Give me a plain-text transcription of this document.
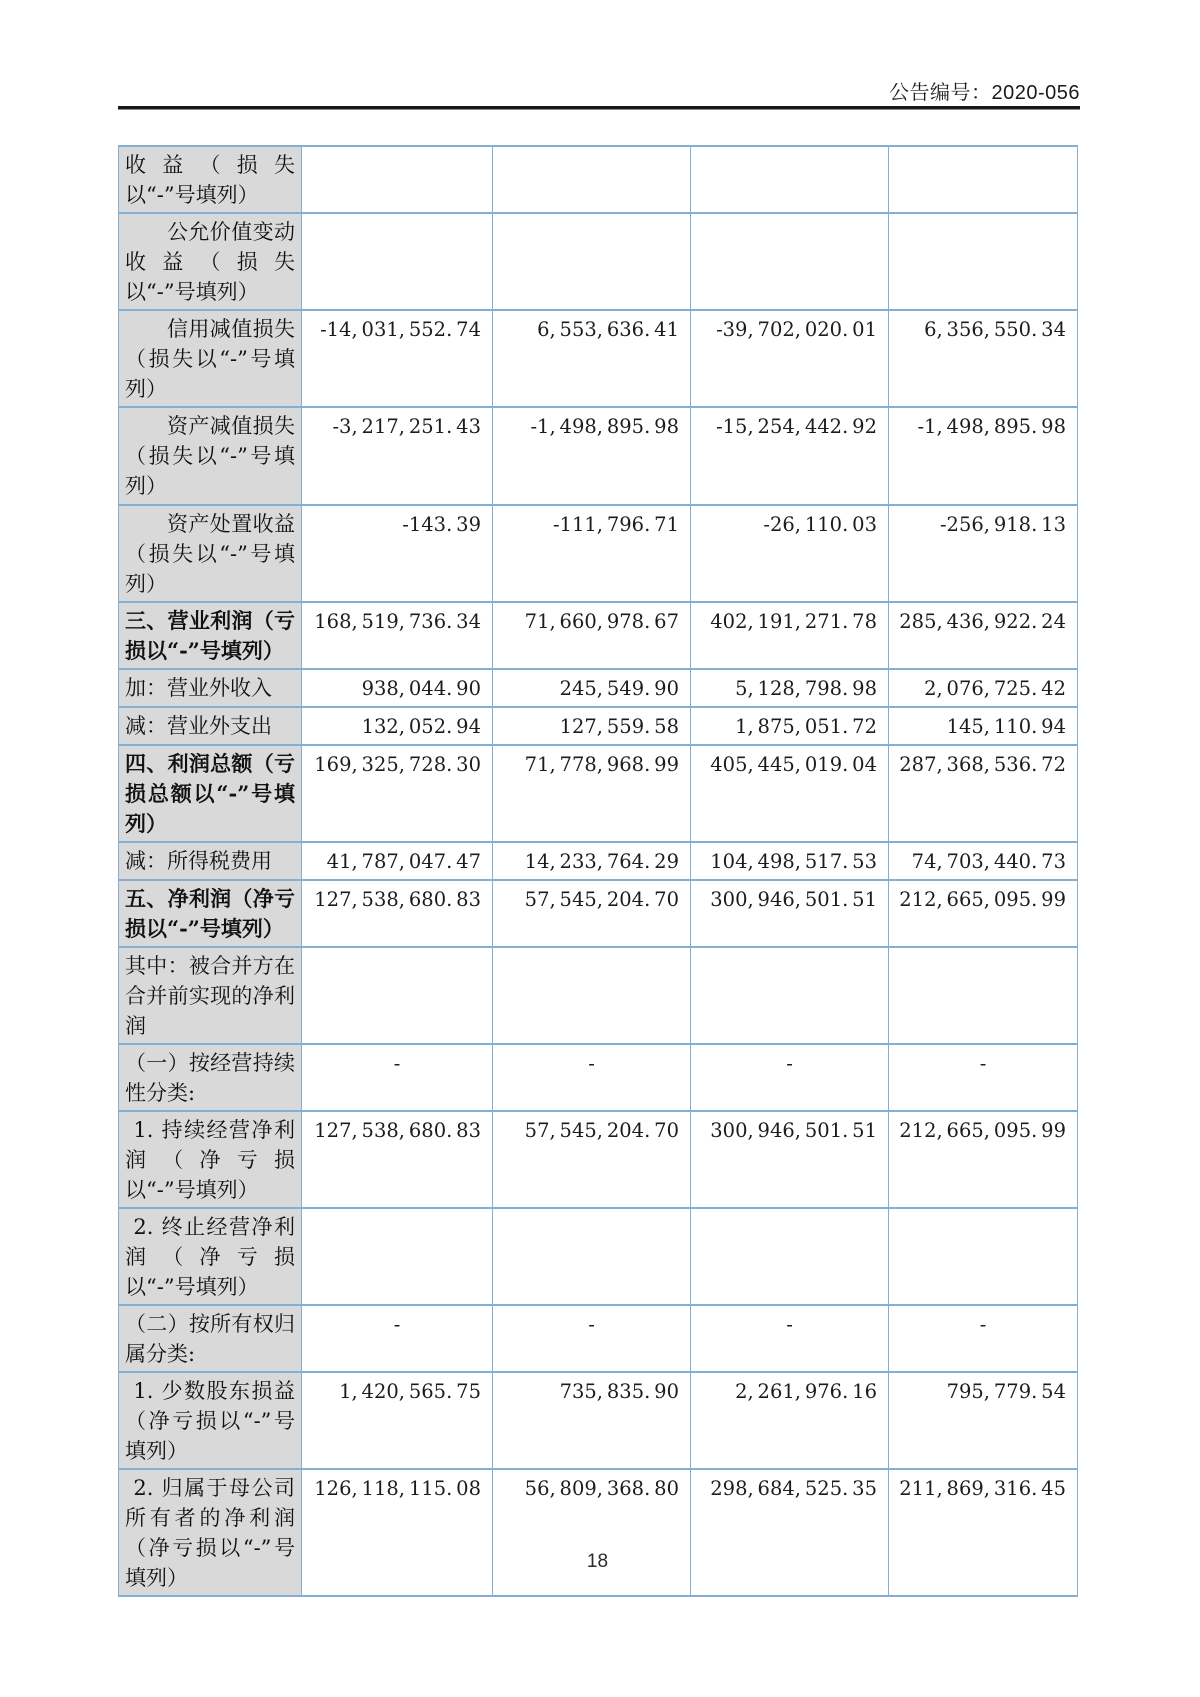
公告编号：2020-056
收益（损失以“-”号填列）				
公允价值变动收益（损失以“-”号填列）				
信用减值损失（损失以“-”号填列）	-14, 031, 552. 74	6, 553, 636. 41	-39, 702, 020. 01	6, 356, 550. 34
资产减值损失（损失以“-”号填列）	-3, 217, 251. 43	-1, 498, 895. 98	-15, 254, 442. 92	-1, 498, 895. 98
资产处置收益（损失以“-”号填列）	-143. 39	-111, 796. 71	-26, 110. 03	-256, 918. 13
三、营业利润（亏损以“-”号填列）	168, 519, 736. 34	71, 660, 978. 67	402, 191, 271. 78	285, 436, 922. 24
加：营业外收入	938, 044. 90	245, 549. 90	5, 128, 798. 98	2, 076, 725. 42
减：营业外支出	132, 052. 94	127, 559. 58	1, 875, 051. 72	145, 110. 94
四、利润总额（亏损总额以“-”号填列）	169, 325, 728. 30	71, 778, 968. 99	405, 445, 019. 04	287, 368, 536. 72
减：所得税费用	41, 787, 047. 47	14, 233, 764. 29	104, 498, 517. 53	74, 703, 440. 73
五、净利润（净亏损以“-”号填列）	127, 538, 680. 83	57, 545, 204. 70	300, 946, 501. 51	212, 665, 095. 99
其中：被合并方在合并前实现的净利润				
（一）按经营持续性分类:	-	-	-	-
1. 持续经营净利润（净亏损以“-”号填列）	127, 538, 680. 83	57, 545, 204. 70	300, 946, 501. 51	212, 665, 095. 99
2. 终止经营净利润（净亏损以“-”号填列）				
（二）按所有权归属分类:	-	-	-	-
1. 少数股东损益（净亏损以“-”号填列）	1, 420, 565. 75	735, 835. 90	2, 261, 976. 16	795, 779. 54
2. 归属于母公司所有者的净利润（净亏损以“-”号填列）	126, 118, 115. 08	56, 809, 368. 80	298, 684, 525. 35	211, 869, 316. 45
18
